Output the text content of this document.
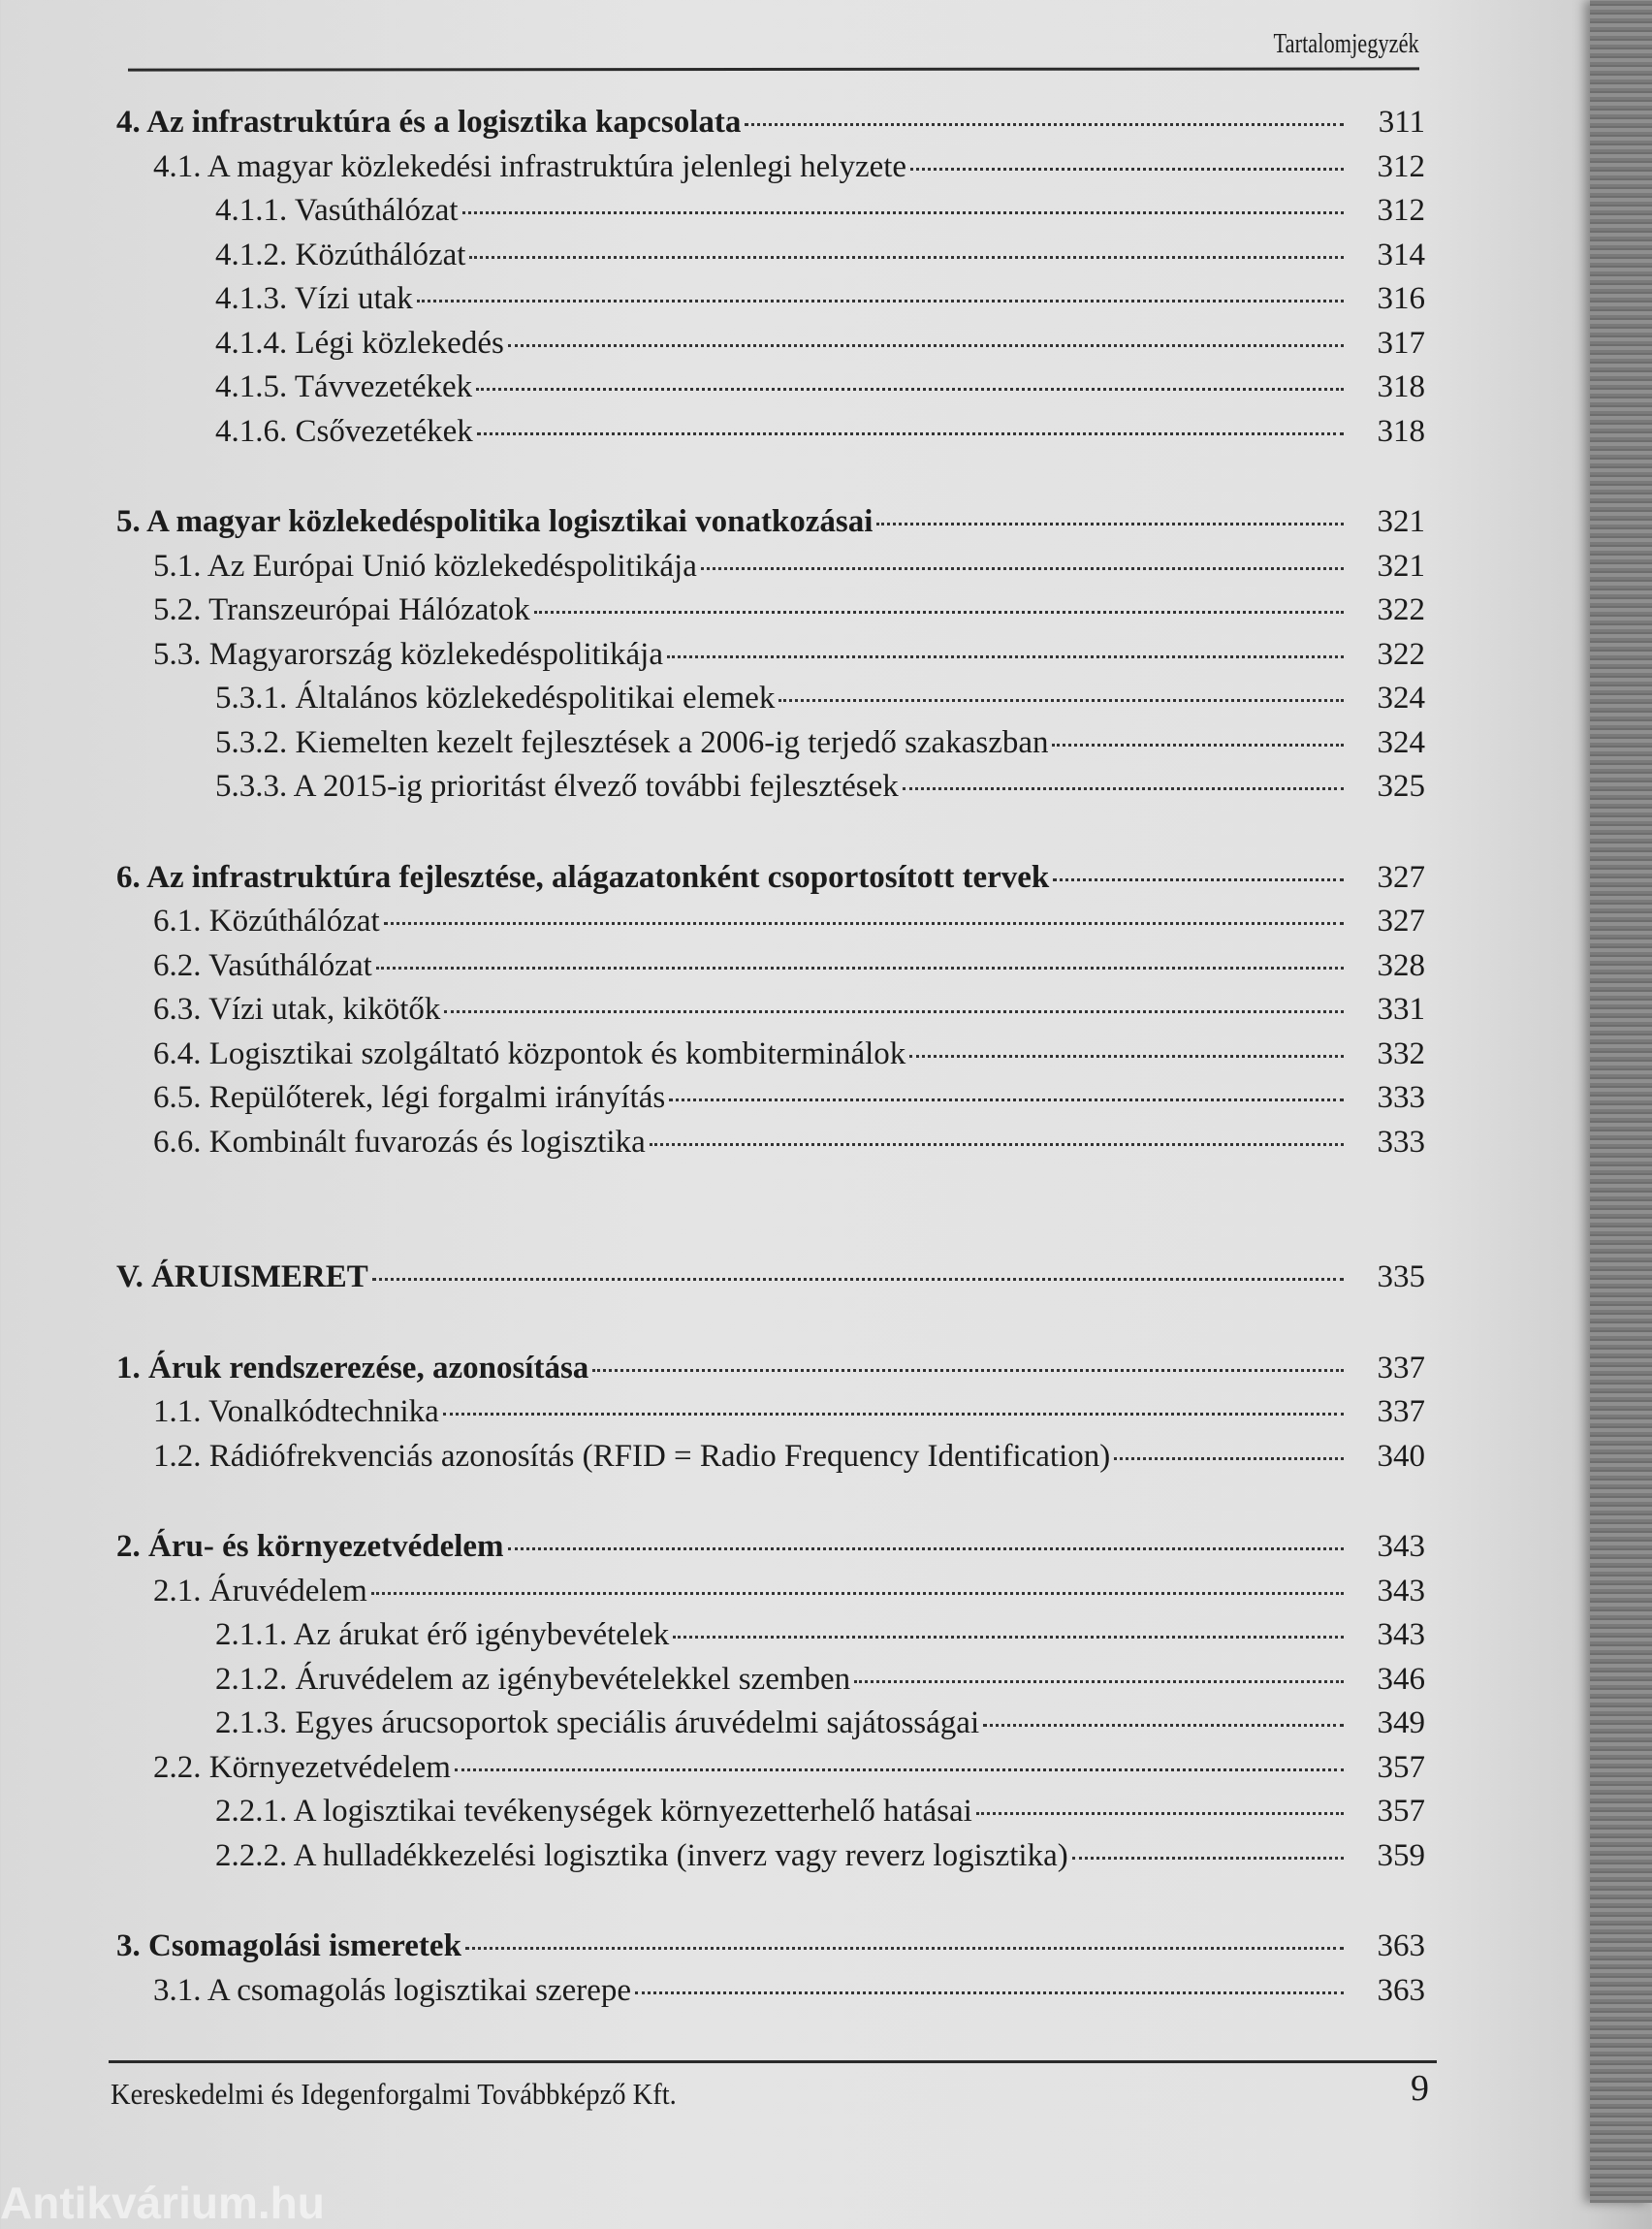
Tartalomjegyzék
4. Az infrastruktúra és a logisztika kapcsolata	311
4.1. A magyar közlekedési infrastruktúra jelenlegi helyzete	312
4.1.1. Vasúthálózat	312
4.1.2. Közúthálózat	314
4.1.3. Vízi utak	316
4.1.4. Légi közlekedés	317
4.1.5. Távvezetékek	318
4.1.6. Csővezetékek	318
5. A magyar közlekedéspolitika logisztikai vonatkozásai	321
5.1. Az Európai Unió közlekedéspolitikája	321
5.2. Transzeurópai Hálózatok	322
5.3. Magyarország közlekedéspolitikája	322
5.3.1. Általános közlekedéspolitikai elemek	324
5.3.2. Kiemelten kezelt fejlesztések a 2006-ig terjedő szakaszban	324
5.3.3. A 2015-ig prioritást élvező további fejlesztések	325
6. Az infrastruktúra fejlesztése, alágazatonként csoportosított tervek	327
6.1. Közúthálózat	327
6.2. Vasúthálózat	328
6.3. Vízi utak, kikötők	331
6.4. Logisztikai szolgáltató központok és kombiterminálok	332
6.5. Repülőterek, légi forgalmi irányítás	333
6.6. Kombinált fuvarozás és logisztika	333
V. ÁRUISMERET	335
1. Áruk rendszerezése, azonosítása	337
1.1. Vonalkódtechnika	337
1.2. Rádiófrekvenciás azonosítás (RFID = Radio Frequency Identification)	340
2. Áru- és környezetvédelem	343
2.1. Áruvédelem	343
2.1.1. Az árukat érő igénybevételek	343
2.1.2. Áruvédelem az igénybevételekkel szemben	346
2.1.3. Egyes árucsoportok speciális áruvédelmi sajátosságai	349
2.2. Környezetvédelem	357
2.2.1. A logisztikai tevékenységek környezetterhelő hatásai	357
2.2.2. A hulladékkezelési logisztika (inverz vagy reverz logisztika)	359
3. Csomagolási ismeretek	363
3.1. A csomagolás logisztikai szerepe	363
Kereskedelmi és Idegenforgalmi Továbbképző Kft.	9
Antikvárium.hu
